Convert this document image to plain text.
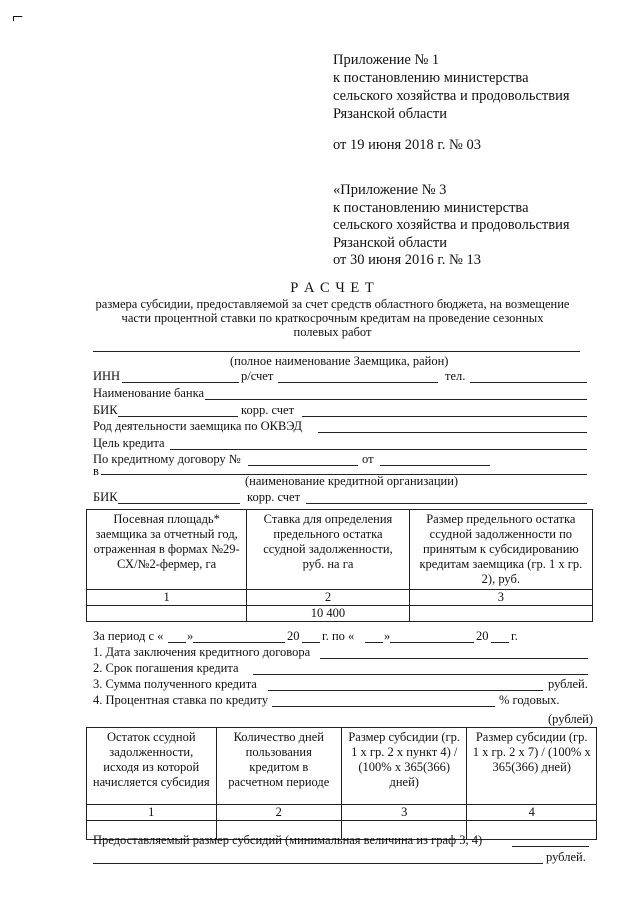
Приложение № 1
к постановлению министерства
сельского хозяйства и продовольствия
Рязанской области
от 19 июня 2018 г. № 03
«Приложение № 3
к постановлению министерства
сельского хозяйства и продовольствия
Рязанской области
от 30 июня 2016 г. № 13
Р А С Ч Е Т
размера субсидии, предоставляемой за счет средств областного бюджета, на возмещение
части процентной ставки по краткосрочным кредитам на проведение сезонных
полевых работ
(полное наименование Заемщика, район)
ИНН	р/счет	тел.
Наименование банка
БИК	корр. счет
Род деятельности заемщика по ОКВЭД
Цель кредита
По кредитному договору №	от
в
(наименование кредитной организации)
БИК	корр. счет
Посевная площадь* заемщика за отчетный год, отраженная в формах №29-СХ/№2-фермер, га	Ставка для определения предельного остатка ссудной задолженности, руб. на га	Размер предельного остатка ссудной задолженности по принятым к субсидированию кредитам заемщика (гр. 1 х гр. 2), руб.
1	2	3
	10 400	
За период с « »	20 г. по « »	20 г.
1. Дата заключения кредитного договора
2. Срок погашения кредита
3. Сумма полученного кредита	рублей.
4. Процентная ставка по кредиту	% годовых.
(рублей)
Остаток ссудной задолженности, исходя из которой начисляется субсидия	Количество дней пользования кредитом в расчетном периоде	Размер субсидии (гр. 1 х гр. 2 х пункт 4) / (100% х 365(366) дней)	Размер субсидии (гр. 1 х гр. 2 х 7) / (100% х 365(366) дней)
1	2	3	4

Предоставляемый размер субсидий (минимальная величина из граф 3, 4)
рублей.
⌐
